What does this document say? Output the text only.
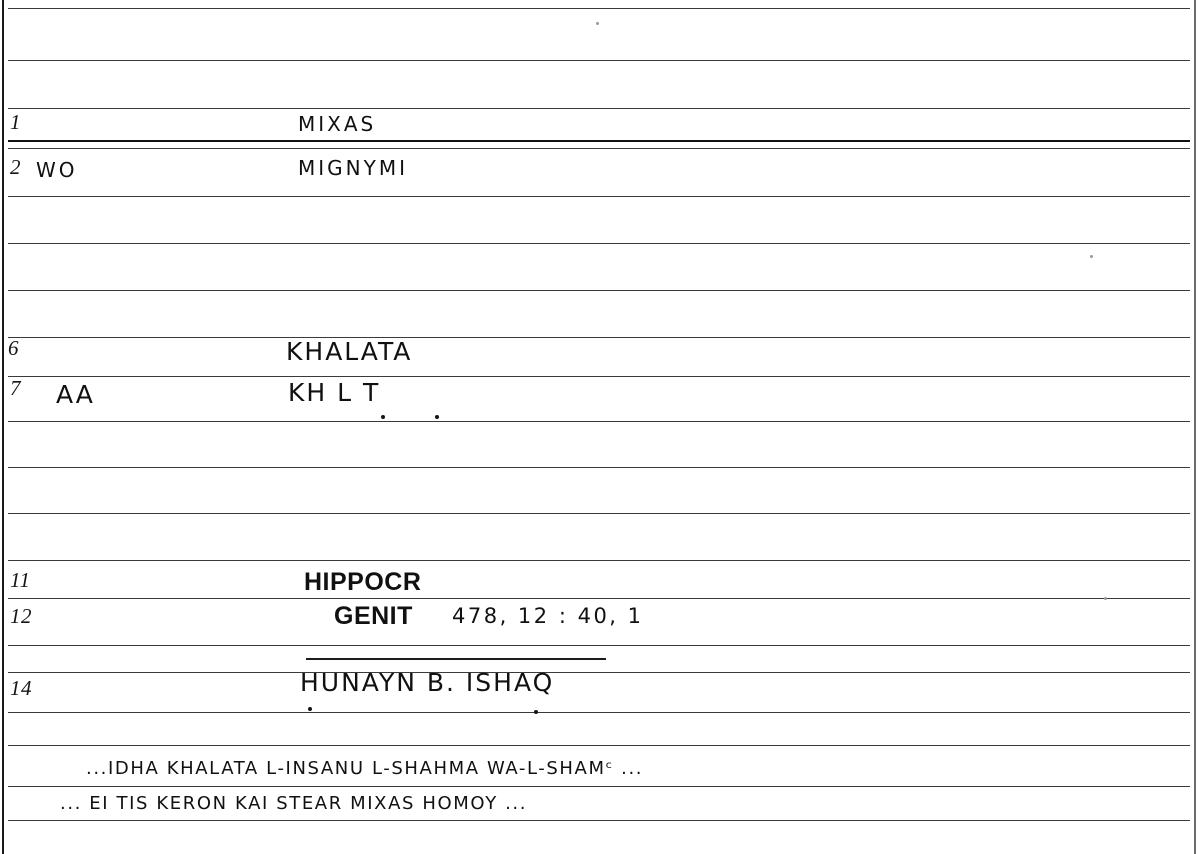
1	MIXAS
2 WO	MIGNYMI
6	KHALATA
7 AA	KH L T
11	HIPPOCR
12	GENIT 478, 12 : 40, 1
14	HUNAYN B. ISHAQ
...IDHA KHALATA L-INSANU L-SHAHMA WA-L-SHAMᶜ ...
... EI TIS KERON KAI STEAR MIXAS HOMOY ...
